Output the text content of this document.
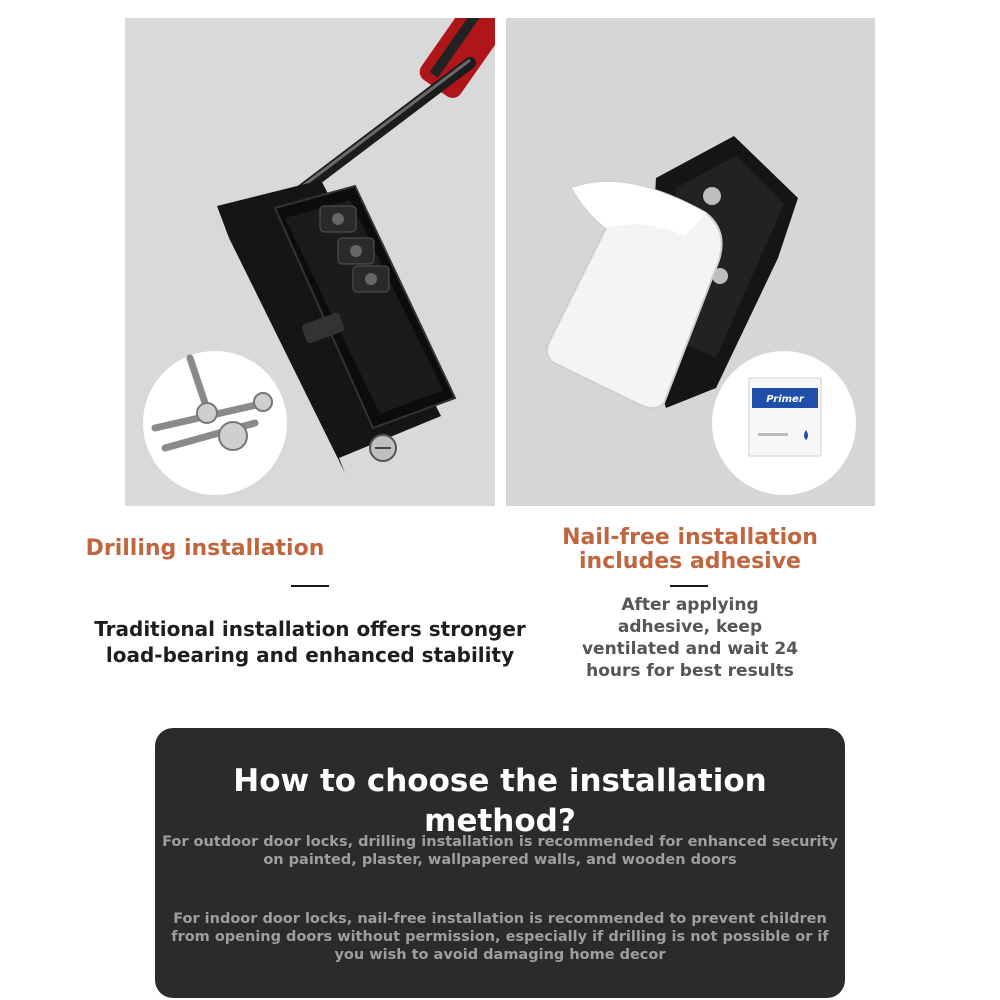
Primer
Drilling installation	Nail-free installation
includes adhesive
Traditional installation offers stronger
load-bearing and enhanced stability
After applying
adhesive, keep
ventilated and wait 24
hours for best results
How to choose the installation method?
For outdoor door locks, drilling installation is recommended for enhanced security
on painted, plaster, wallpapered walls, and wooden doors
For indoor door locks, nail-free installation is recommended to prevent children
from opening doors without permission, especially if drilling is not possible or if
you wish to avoid damaging home decor
